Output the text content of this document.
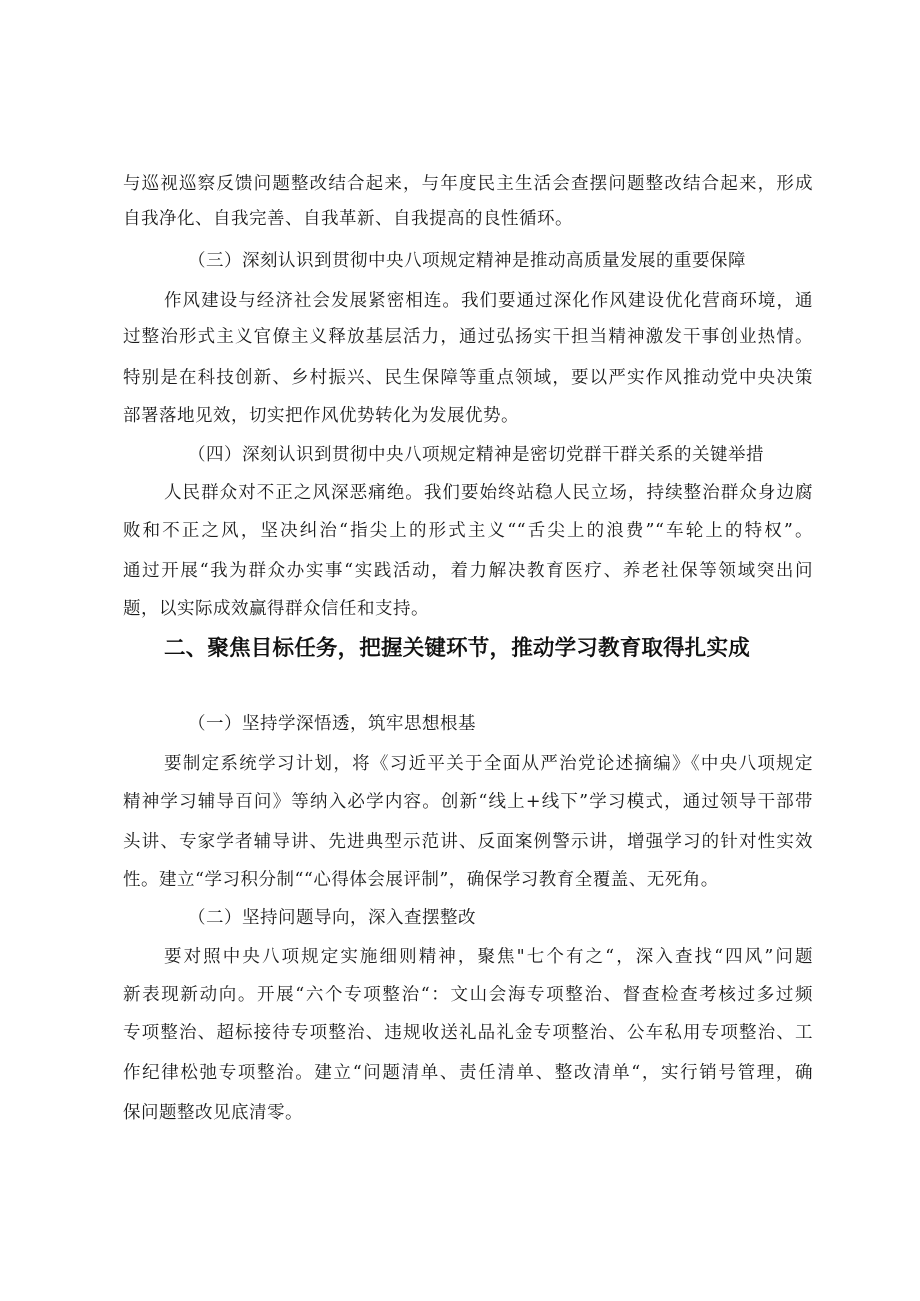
与巡视巡察反馈问题整改结合起来，与年度民主生活会查摆问题整改结合起来，形成
自我净化、自我完善、自我革新、自我提高的良性循环。
（三）深刻认识到贯彻中央八项规定精神是推动高质量发展的重要保障
作风建设与经济社会发展紧密相连。我们要通过深化作风建设优化营商环境，通
过整治形式主义官僚主义释放基层活力，通过弘扬实干担当精神激发干事创业热情。
特别是在科技创新、乡村振兴、民生保障等重点领域，要以严实作风推动党中央决策
部署落地见效，切实把作风优势转化为发展优势。
（四）深刻认识到贯彻中央八项规定精神是密切党群干群关系的关键举措
人民群众对不正之风深恶痛绝。我们要始终站稳人民立场，持续整治群众身边腐
败和不正之风，坚决纠治“指尖上的形式主义““舌尖上的浪费”“车轮上的特权”。
通过开展“我为群众办实事“实践活动，着力解决教育医疗、养老社保等领域突出问
题，以实际成效赢得群众信任和支持。
二、聚焦目标任务，把握关键环节，推动学习教育取得扎实成
（一）坚持学深悟透，筑牢思想根基
要制定系统学习计划，将《习近平关于全面从严治党论述摘编》《中央八项规定
精神学习辅导百问》等纳入必学内容。创新“线上+线下”学习模式，通过领导干部带
头讲、专家学者辅导讲、先进典型示范讲、反面案例警示讲，增强学习的针对性实效
性。建立“学习积分制““心得体会展评制”，确保学习教育全覆盖、无死角。
（二）坚持问题导向，深入查摆整改
要对照中央八项规定实施细则精神，聚焦"七个有之“，深入查找“四风”问题
新表现新动向。开展“六个专项整治“：文山会海专项整治、督查检查考核过多过频
专项整治、超标接待专项整治、违规收送礼品礼金专项整治、公车私用专项整治、工
作纪律松弛专项整治。建立“问题清单、责任清单、整改清单“，实行销号管理，确
保问题整改见底清零。
